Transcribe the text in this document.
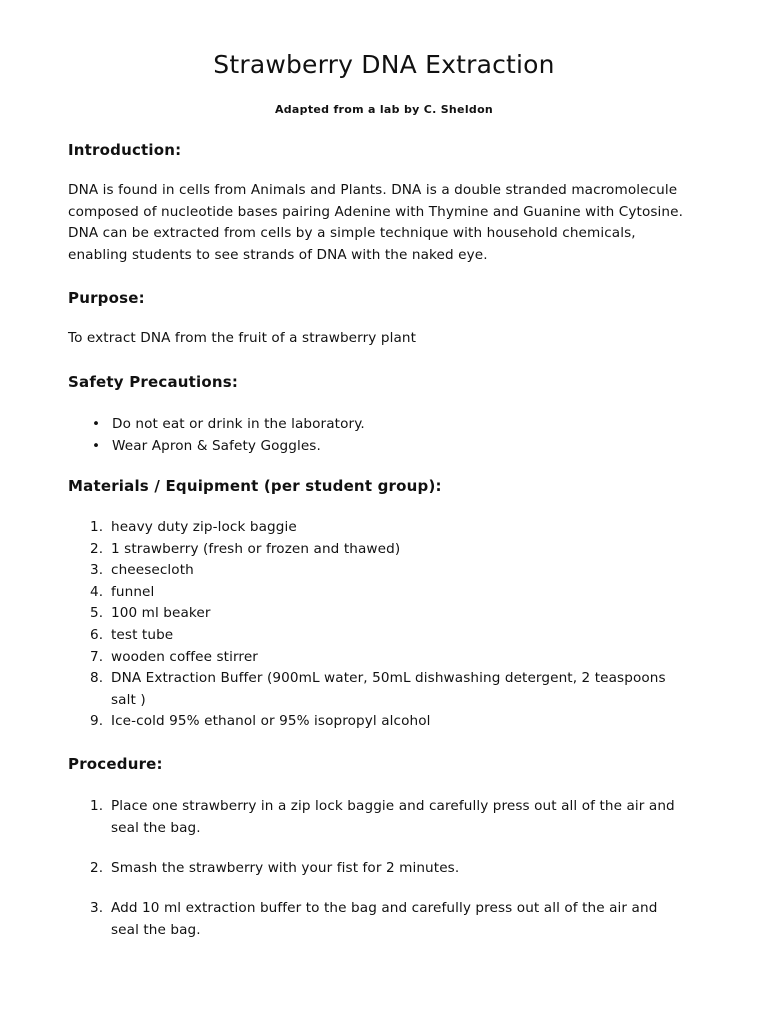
Strawberry DNA Extraction
Adapted from a lab by C. Sheldon
Introduction:
DNA is found in cells from Animals and Plants. DNA is a double stranded macromolecule
composed of nucleotide bases pairing Adenine with Thymine and Guanine with Cytosine.
DNA can be extracted from cells by a simple technique with household chemicals,
enabling students to see strands of DNA with the naked eye.
Purpose:
To extract DNA from the fruit of a strawberry plant
Safety Precautions:
• Do not eat or drink in the laboratory.
• Wear Apron & Safety Goggles.
Materials / Equipment (per student group):
1. heavy duty zip-lock baggie
2. 1 strawberry (fresh or frozen and thawed)
3. cheesecloth
4. funnel
5. 100 ml beaker
6. test tube
7. wooden coffee stirrer
8. DNA Extraction Buffer (900mL water, 50mL dishwashing detergent, 2 teaspoons
salt )
9. Ice-cold 95% ethanol or 95% isopropyl alcohol
Procedure:
1. Place one strawberry in a zip lock baggie and carefully press out all of the air and
seal the bag.
2. Smash the strawberry with your fist for 2 minutes.
3. Add 10 ml extraction buffer to the bag and carefully press out all of the air and
seal the bag.
